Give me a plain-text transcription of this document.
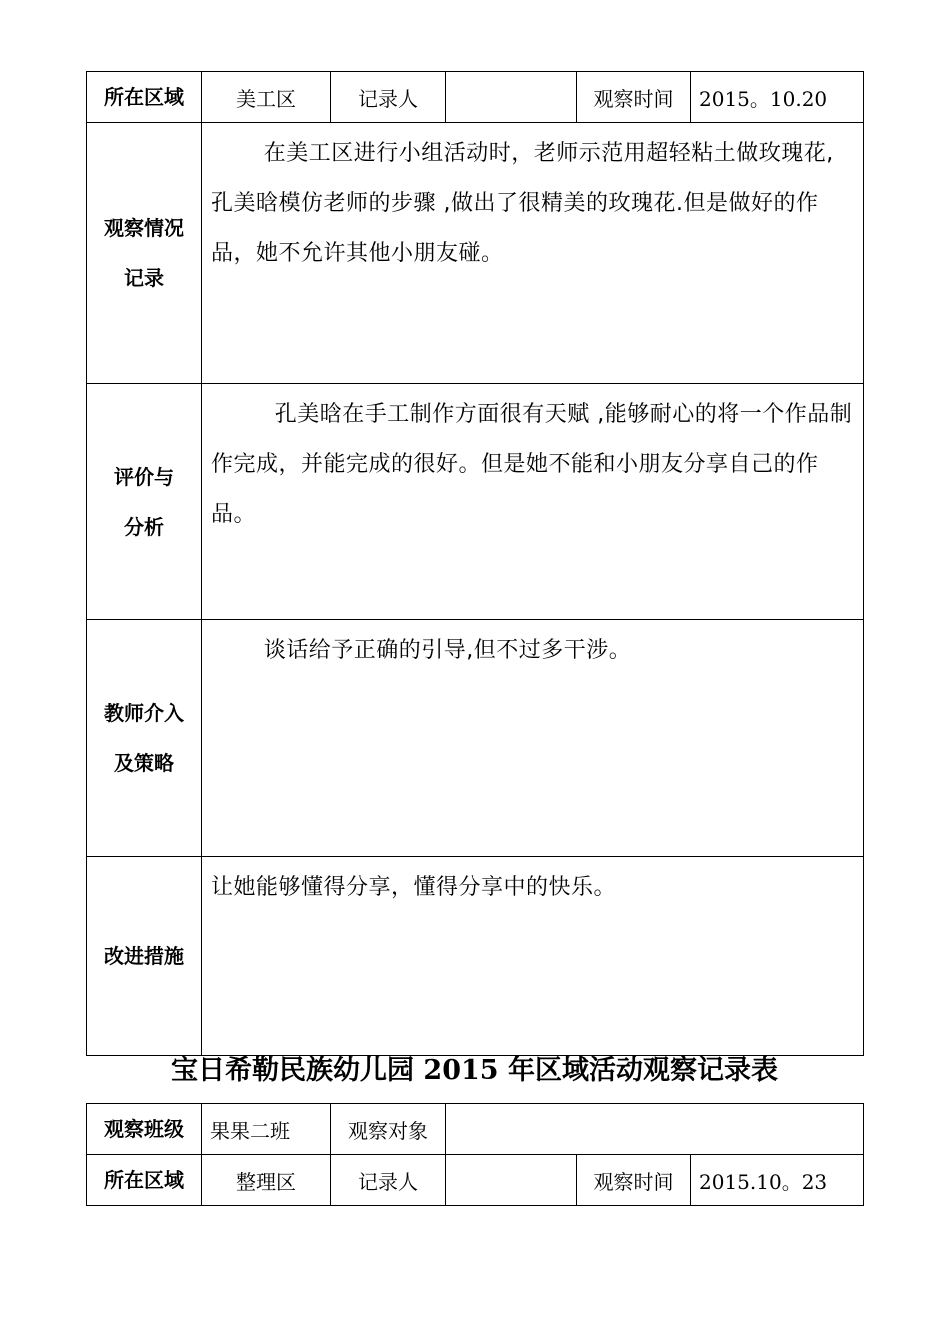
所在区域	美工区	记录人		观察时间	2015。10.20

观察情况
记录	在美工区进行小组活动时，老师示范用超轻粘土做玫瑰花,孔美晗模仿老师的步骤 ,做出了很精美的玫瑰花.但是做好的作品，她不允许其他小朋友碰。				

评价与
分析	孔美晗在手工制作方面很有天赋 ,能够耐心的将一个作品制作完成，并能完成的很好。但是她不能和小朋友分享自己的作品。				

教师介入
及策略	谈话给予正确的引导,但不过多干涉。				
改进措施	让她能够懂得分享，懂得分享中的快乐。				
宝日希勒民族幼儿园 2015 年区域活动观察记录表
观察班级	果果二班	观察对象			
所在区域	整理区	记录人		观察时间	2015.10。23
